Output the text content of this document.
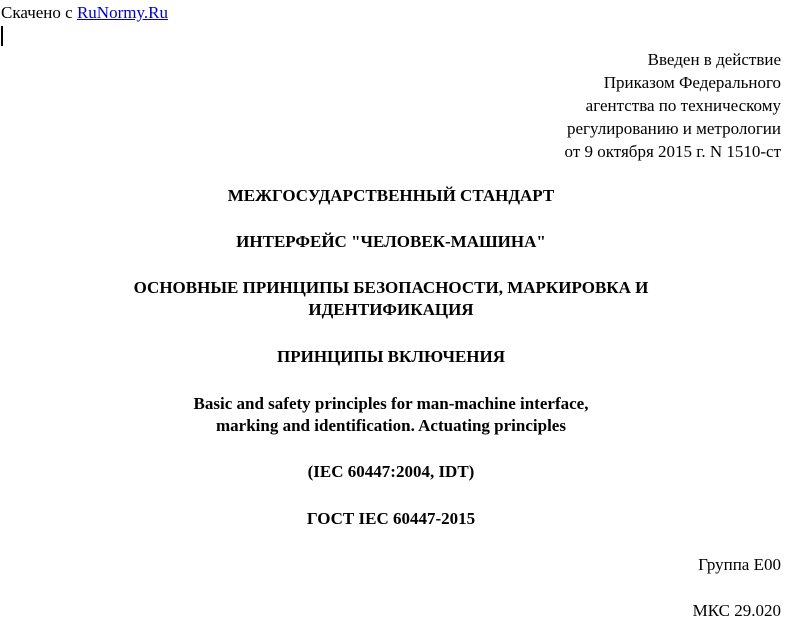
Скачено с RuNormy.Ru
Введен в действие
Приказом Федерального
агентства по техническому
регулированию и метрологии
от 9 октября 2015 г. N 1510-ст
МЕЖГОСУДАРСТВЕННЫЙ СТАНДАРТ
ИНТЕРФЕЙС "ЧЕЛОВЕК-МАШИНА"
ОСНОВНЫЕ ПРИНЦИПЫ БЕЗОПАСНОСТИ, МАРКИРОВКА И
ИДЕНТИФИКАЦИЯ
ПРИНЦИПЫ ВКЛЮЧЕНИЯ
Basic and safety principles for man-machine interface,
marking and identification. Actuating principles
(IEC 60447:2004, IDT)
ГОСТ IEC 60447-2015
Группа Е00
МКС 29.020
